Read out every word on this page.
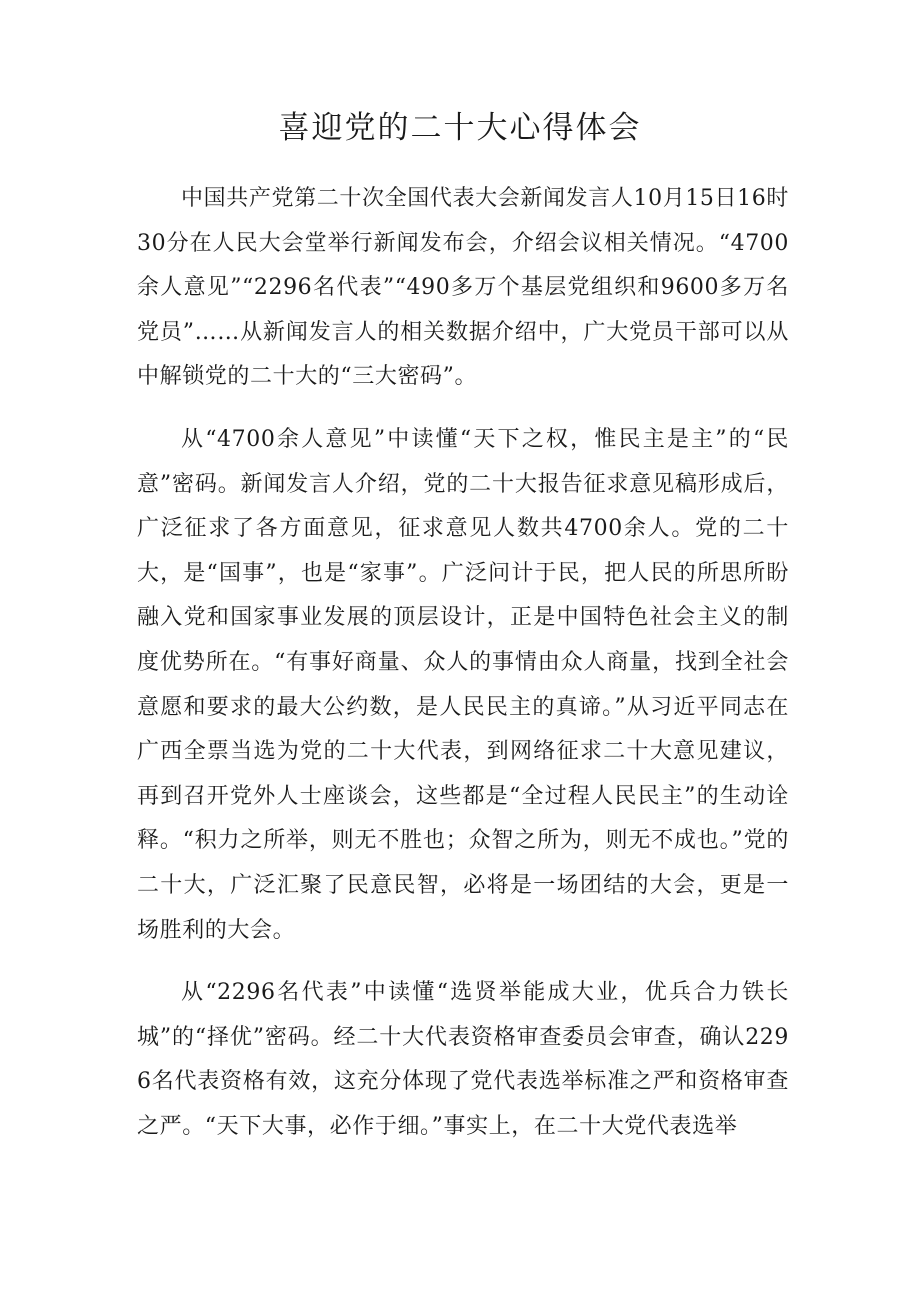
喜迎党的二十大心得体会

中国共产党第二十次全国代表大会新闻发言人10月15日16时30分在人民大会堂举行新闻发布会，介绍会议相关情况。“4700余人意见”“2296名代表”“490多万个基层党组织和9600多万名党员”……从新闻发言人的相关数据介绍中，广大党员干部可以从中解锁党的二十大的“三大密码”。

从“4700余人意见”中读懂“天下之权，惟民主是主”的“民意”密码。新闻发言人介绍，党的二十大报告征求意见稿形成后，广泛征求了各方面意见，征求意见人数共4700余人。党的二十大，是“国事”，也是“家事”。广泛问计于民，把人民的所思所盼融入党和国家事业发展的顶层设计，正是中国特色社会主义的制度优势所在。“有事好商量、众人的事情由众人商量，找到全社会意愿和要求的最大公约数，是人民民主的真谛。”从习近平同志在广西全票当选为党的二十大代表，到网络征求二十大意见建议，再到召开党外人士座谈会，这些都是“全过程人民民主”的生动诠释。“积力之所举，则无不胜也；众智之所为，则无不成也。”党的二十大，广泛汇聚了民意民智，必将是一场团结的大会，更是一场胜利的大会。

从“2296名代表”中读懂“选贤举能成大业，优兵合力铁长城”的“择优”密码。经二十大代表资格审查委员会审查，确认2296名代表资格有效，这充分体现了党代表选举标准之严和资格审查之严。“天下大事，必作于细。”事实上，在二十大党代表选举
